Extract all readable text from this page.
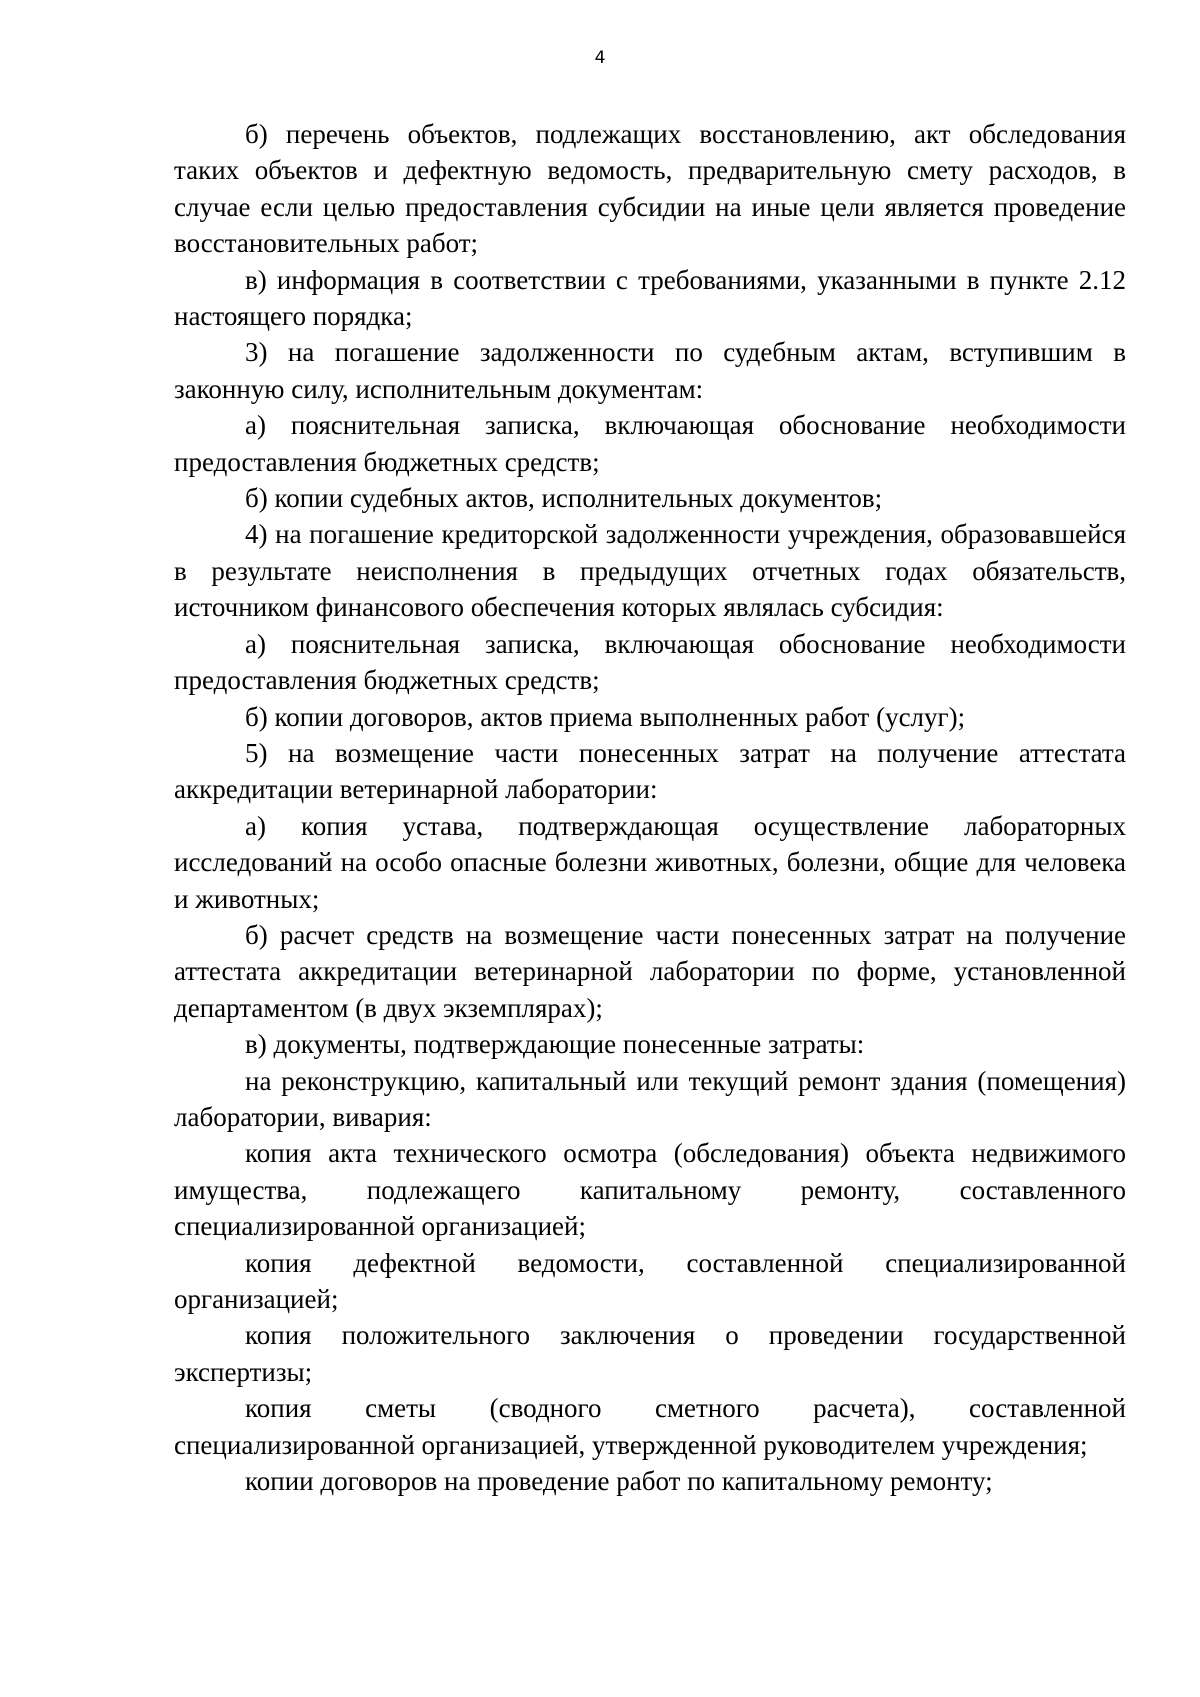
4

б) перечень объектов, подлежащих восстановлению, акт обследования таких объектов и дефектную ведомость, предварительную смету расходов, в случае если целью предоставления субсидии на иные цели является проведение восстановительных работ;

в) информация в соответствии с требованиями, указанными в пункте 2.12 настоящего порядка;

3) на погашение задолженности по судебным актам, вступившим в законную силу, исполнительным документам:

а) пояснительная записка, включающая обоснование необходимости предоставления бюджетных средств;

б) копии судебных актов, исполнительных документов;

4) на погашение кредиторской задолженности учреждения, образовавшейся в результате неисполнения в предыдущих отчетных годах обязательств, источником финансового обеспечения которых являлась субсидия:

а) пояснительная записка, включающая обоснование необходимости предоставления бюджетных средств;

б) копии договоров, актов приема выполненных работ (услуг);

5) на возмещение части понесенных затрат на получение аттестата аккредитации ветеринарной лаборатории:

а) копия устава, подтверждающая осуществление лабораторных исследований на особо опасные болезни животных, болезни, общие для человека и животных;

б) расчет средств на возмещение части понесенных затрат на получение аттестата аккредитации ветеринарной лаборатории по форме, установленной департаментом (в двух экземплярах);

в) документы, подтверждающие понесенные затраты:

на реконструкцию, капитальный или текущий ремонт здания (помещения) лаборатории, вивария:

копия акта технического осмотра (обследования) объекта недвижимого имущества, подлежащего капитальному ремонту, составленного специализированной организацией;

копия дефектной ведомости, составленной специализированной организацией;

копия положительного заключения о проведении государственной экспертизы;

копия сметы (сводного сметного расчета), составленной специализированной организацией, утвержденной руководителем учреждения;

копии договоров на проведение работ по капитальному ремонту;
